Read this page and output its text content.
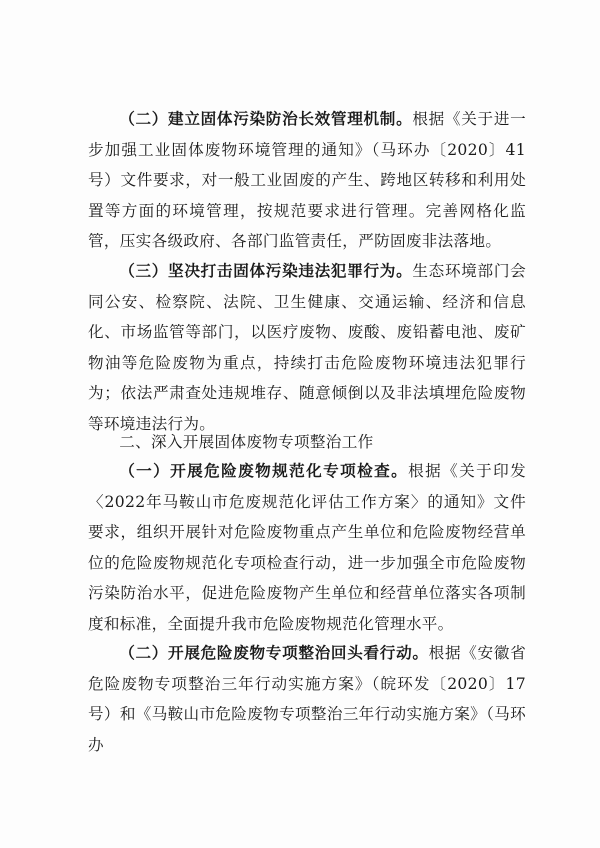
（二）建立固体污染防治长效管理机制。根据《关于进一步加强工业固体废物环境管理的通知》（马环办〔2020〕41号）文件要求，对一般工业固废的产生、跨地区转移和利用处置等方面的环境管理，按规范要求进行管理。完善网格化监管，压实各级政府、各部门监管责任，严防固废非法落地。

（三）坚决打击固体污染违法犯罪行为。生态环境部门会同公安、检察院、法院、卫生健康、交通运输、经济和信息化、市场监管等部门，以医疗废物、废酸、废铅蓄电池、废矿物油等危险废物为重点，持续打击危险废物环境违法犯罪行为；依法严肃查处违规堆存、随意倾倒以及非法填埋危险废物等环境违法行为。

二、深入开展固体废物专项整治工作

（一）开展危险废物规范化专项检查。根据《关于印发〈2022年马鞍山市危废规范化评估工作方案〉的通知》文件要求，组织开展针对危险废物重点产生单位和危险废物经营单位的危险废物规范化专项检查行动，进一步加强全市危险废物污染防治水平，促进危险废物产生单位和经营单位落实各项制度和标准，全面提升我市危险废物规范化管理水平。

（二）开展危险废物专项整治回头看行动。根据《安徽省危险废物专项整治三年行动实施方案》（皖环发〔2020〕17号）和《马鞍山市危险废物专项整治三年行动实施方案》（马环办
